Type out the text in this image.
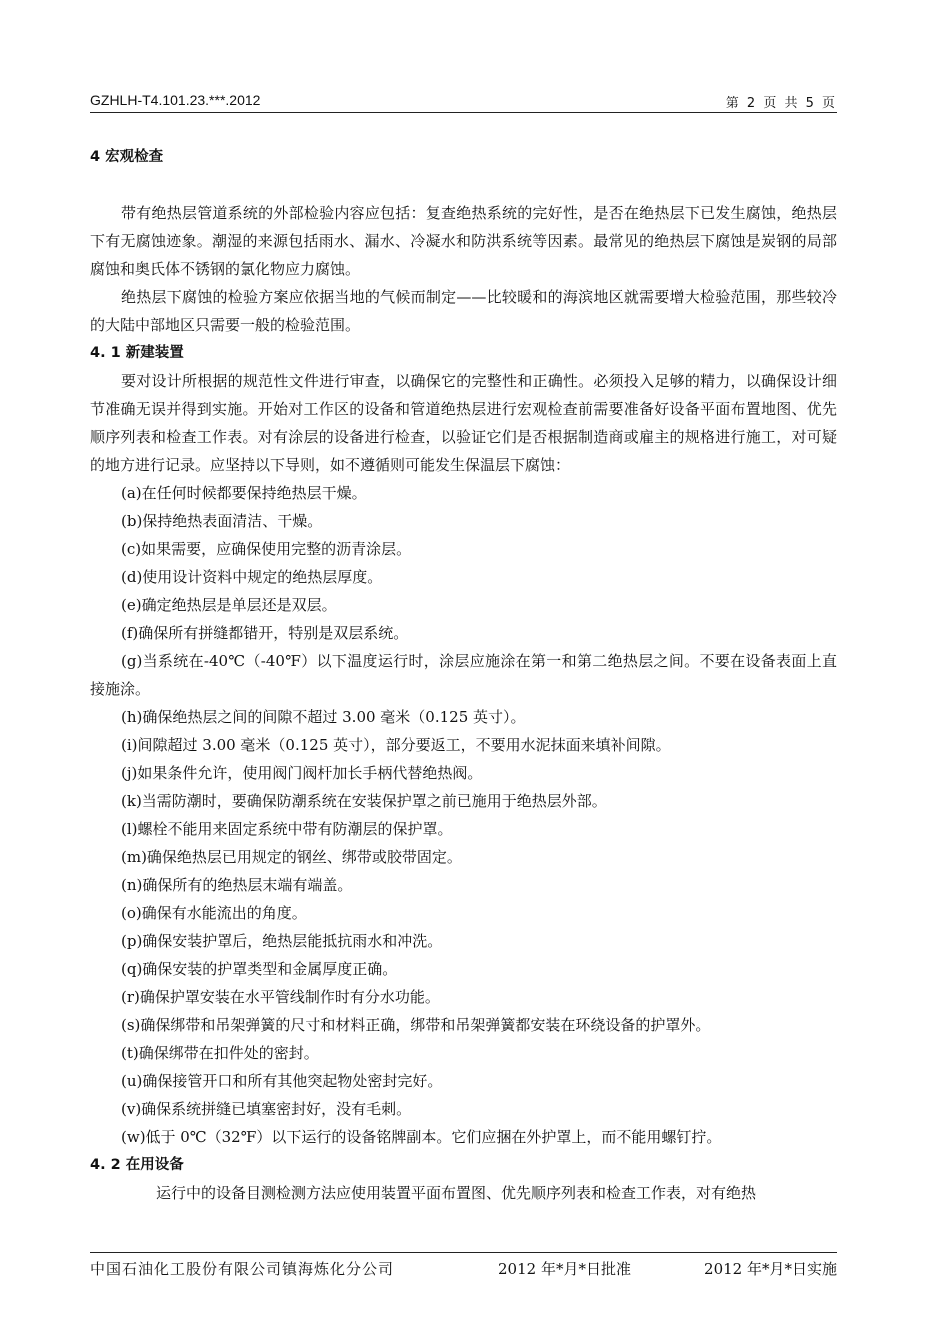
GZHLH-T4.101.23.***.2012	第 2 页 共 5 页
4 宏观检查

带有绝热层管道系统的外部检验内容应包括：复查绝热系统的完好性，是否在绝热层下已发生腐蚀，绝热层下有无腐蚀迹象。潮湿的来源包括雨水、漏水、冷凝水和防洪系统等因素。最常见的绝热层下腐蚀是炭钢的局部腐蚀和奥氏体不锈钢的氯化物应力腐蚀。

绝热层下腐蚀的检验方案应依据当地的气候而制定——比较暖和的海滨地区就需要增大检验范围，那些较冷的大陆中部地区只需要一般的检验范围。

4. 1 新建装置

要对设计所根据的规范性文件进行审查，以确保它的完整性和正确性。必须投入足够的精力，以确保设计细节准确无误并得到实施。开始对工作区的设备和管道绝热层进行宏观检查前需要准备好设备平面布置地图、优先顺序列表和检查工作表。对有涂层的设备进行检查，以验证它们是否根据制造商或雇主的规格进行施工，对可疑的地方进行记录。应坚持以下导则，如不遵循则可能发生保温层下腐蚀：

(a)在任何时候都要保持绝热层干燥。

(b)保持绝热表面清洁、干燥。

(c)如果需要，应确保使用完整的沥青涂层。

(d)使用设计资料中规定的绝热层厚度。

(e)确定绝热层是单层还是双层。

(f)确保所有拼缝都错开，特别是双层系统。

(g)当系统在-40℃（-40℉）以下温度运行时，涂层应施涂在第一和第二绝热层之间。不要在设备表面上直接施涂。

(h)确保绝热层之间的间隙不超过 3.00 毫米（0.125 英寸）。

(i)间隙超过 3.00 毫米（0.125 英寸），部分要返工，不要用水泥抹面来填补间隙。

(j)如果条件允许，使用阀门阀杆加长手柄代替绝热阀。

(k)当需防潮时，要确保防潮系统在安装保护罩之前已施用于绝热层外部。

(l)螺栓不能用来固定系统中带有防潮层的保护罩。

(m)确保绝热层已用规定的钢丝、绑带或胶带固定。

(n)确保所有的绝热层末端有端盖。

(o)确保有水能流出的角度。

(p)确保安装护罩后，绝热层能抵抗雨水和冲洗。

(q)确保安装的护罩类型和金属厚度正确。

(r)确保护罩安装在水平管线制作时有分水功能。

(s)确保绑带和吊架弹簧的尺寸和材料正确，绑带和吊架弹簧都安装在环绕设备的护罩外。

(t)确保绑带在扣件处的密封。

(u)确保接管开口和所有其他突起物处密封完好。

(v)确保系统拼缝已填塞密封好，没有毛刺。

(w)低于 0℃（32℉）以下运行的设备铭牌副本。它们应捆在外护罩上，而不能用螺钉拧。

4. 2 在用设备

运行中的设备目测检测方法应使用装置平面布置图、优先顺序列表和检查工作表，对有绝热

中国石油化工股份有限公司镇海炼化分公司	2012 年*月*日批准	2012 年*月*日实施
